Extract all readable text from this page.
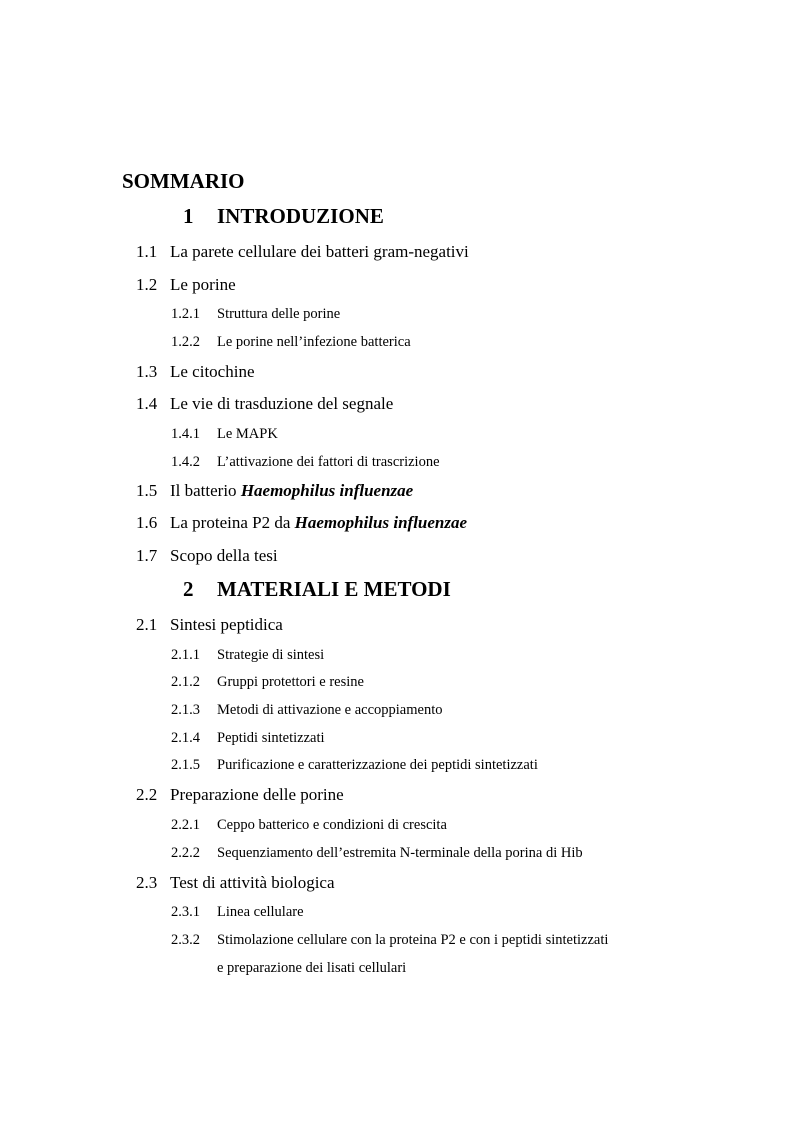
SOMMARIO
1 INTRODUZIONE
1.1 La parete cellulare dei batteri gram-negativi
1.2 Le porine
1.2.1 Struttura delle porine
1.2.2 Le porine nell’infezione batterica
1.3 Le citochine
1.4 Le vie di trasduzione del segnale
1.4.1 Le MAPK
1.4.2 L’attivazione dei fattori di trascrizione
1.5 Il batterio Haemophilus influenzae
1.6 La proteina P2 da Haemophilus influenzae
1.7 Scopo della tesi
2 MATERIALI E METODI
2.1 Sintesi peptidica
2.1.1 Strategie di sintesi
2.1.2 Gruppi protettori e resine
2.1.3 Metodi di attivazione e accoppiamento
2.1.4 Peptidi sintetizzati
2.1.5 Purificazione e caratterizzazione dei peptidi sintetizzati
2.2 Preparazione delle porine
2.2.1 Ceppo batterico e condizioni di crescita
2.2.2 Sequenziamento dell’estremita N-terminale della porina di Hib
2.3 Test di attività biologica
2.3.1 Linea cellulare
2.3.2 Stimolazione cellulare con la proteina P2 e con i peptidi sintetizzati
e preparazione dei lisati cellulari
